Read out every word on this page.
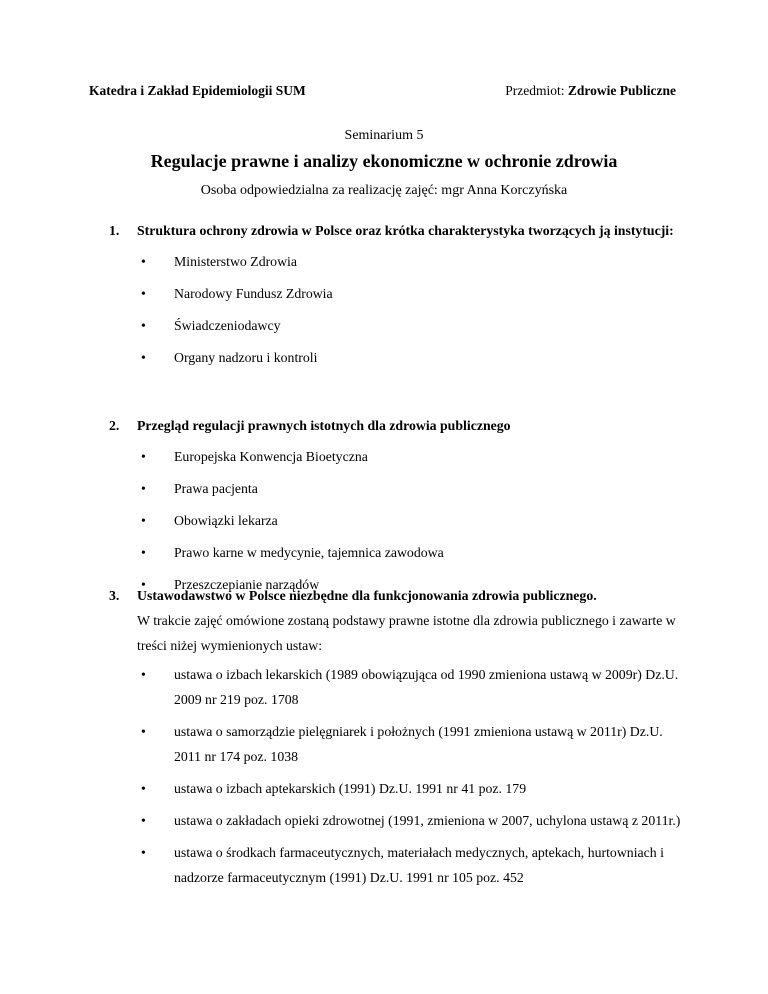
Katedra i Zakład Epidemiologii SUM	Przedmiot: Zdrowie Publiczne
Seminarium 5
Regulacje prawne i analizy ekonomiczne w ochronie zdrowia
Osoba odpowiedzialna za realizację zajęć: mgr Anna Korczyńska
1. Struktura ochrony zdrowia w Polsce oraz krótka charakterystyka tworzących ją instytucji:
• Ministerstwo Zdrowia
• Narodowy Fundusz Zdrowia
• Świadczeniodawcy
• Organy nadzoru i kontroli
2. Przegląd regulacji prawnych istotnych dla zdrowia publicznego
• Europejska Konwencja Bioetyczna
• Prawa pacjenta
• Obowiązki lekarza
• Prawo karne w medycynie, tajemnica zawodowa
• Przeszczepianie narządów
3. Ustawodawstwo w Polsce niezbędne dla funkcjonowania zdrowia publicznego.
W trakcie zajęć omówione zostaną podstawy prawne istotne dla zdrowia publicznego i zawarte w treści niżej wymienionych ustaw:
• ustawa o izbach lekarskich (1989 obowiązująca od 1990 zmieniona ustawą w 2009r) Dz.U. 2009 nr 219 poz. 1708
• ustawa o samorządzie pielęgniarek i położnych (1991 zmieniona ustawą w 2011r) Dz.U. 2011 nr 174 poz. 1038
• ustawa o izbach aptekarskich (1991) Dz.U. 1991 nr 41 poz. 179
• ustawa o zakładach opieki zdrowotnej (1991, zmieniona w 2007, uchylona ustawą z 2011r.)
• ustawa o środkach farmaceutycznych, materiałach medycznych, aptekach, hurtowniach i nadzorze farmaceutycznym (1991) Dz.U. 1991 nr 105 poz. 452
